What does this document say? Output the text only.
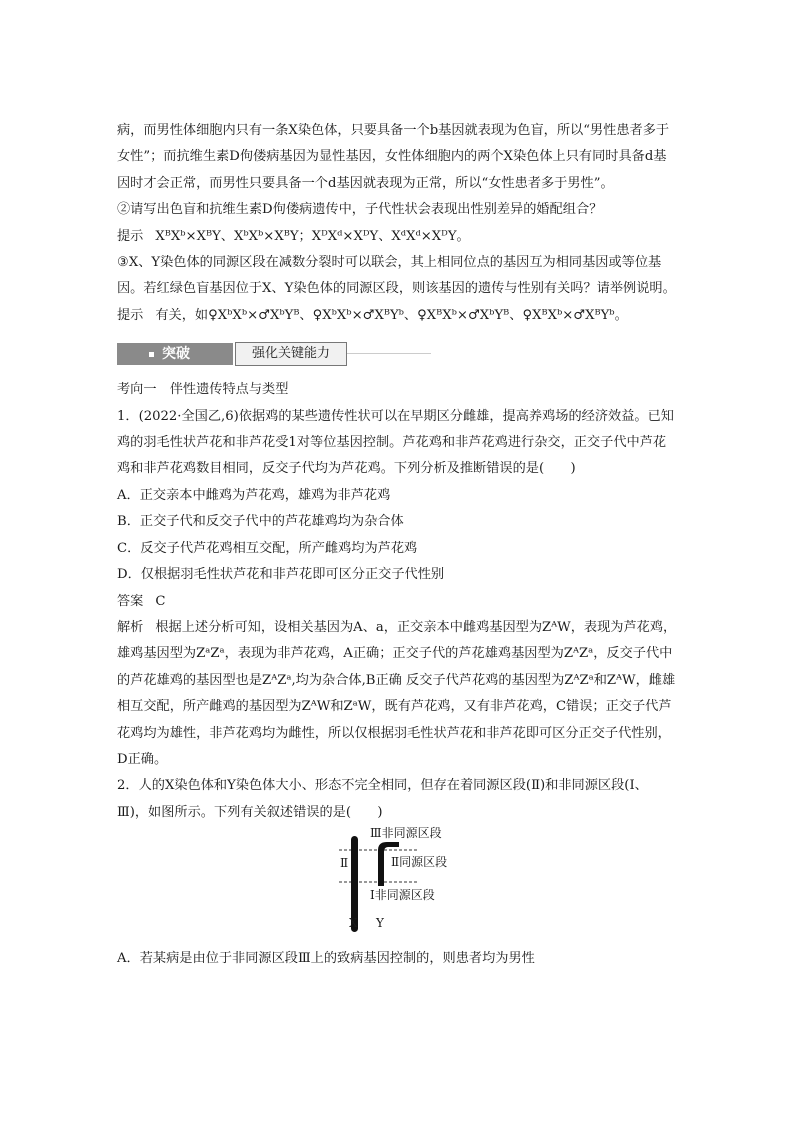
病，而男性体细胞内只有一条X染色体，只要具备一个b基因就表现为色盲，所以“男性患者多于女性”；而抗维生素D佝偻病基因为显性基因，女性体细胞内的两个X染色体上只有同时具备d基因时才会正常，而男性只要具备一个d基因就表现为正常，所以“女性患者多于男性”。

②请写出色盲和抗维生素D佝偻病遗传中，子代性状会表现出性别差异的婚配组合？

提示 XᴮXᵇ×XᴮY、XᵇXᵇ×XᴮY；XᴰXᵈ×XᴰY、XᵈXᵈ×XᴰY。

③X、Y染色体的同源区段在减数分裂时可以联会，其上相同位点的基因互为相同基因或等位基因。若红绿色盲基因位于X、Y染色体的同源区段，则该基因的遗传与性别有关吗？请举例说明。

提示 有关，如♀XᵇXᵇ×♂XᵇYᴮ、♀XᵇXᵇ×♂XᴮYᵇ、♀XᴮXᵇ×♂XᵇYᴮ、♀XᴮXᵇ×♂XᴮYᵇ。

突破	强化关键能力

考向一　伴性遗传特点与类型

1．(2022·全国乙,6)依据鸡的某些遗传性状可以在早期区分雌雄，提高养鸡场的经济效益。已知鸡的羽毛性状芦花和非芦花受1对等位基因控制。芦花鸡和非芦花鸡进行杂交，正交子代中芦花鸡和非芦花鸡数目相同，反交子代均为芦花鸡。下列分析及推断错误的是(　　)

A．正交亲本中雌鸡为芦花鸡，雄鸡为非芦花鸡

B．正交子代和反交子代中的芦花雄鸡均为杂合体

C．反交子代芦花鸡相互交配，所产雌鸡均为芦花鸡

D．仅根据羽毛性状芦花和非芦花即可区分正交子代性别

答案 C

解析 根据上述分析可知，设相关基因为A、a，正交亲本中雌鸡基因型为ZᴬW，表现为芦花鸡，雄鸡基因型为ZᵃZᵃ，表现为非芦花鸡，A正确；正交子代的芦花雄鸡基因型为ZᴬZᵃ，反交子代中的芦花雄鸡的基因型也是ZᴬZᵃ,均为杂合体,B正确 反交子代芦花鸡的基因型为ZᴬZᵃ和ZᴬW，雌雄相互交配，所产雌鸡的基因型为ZᴬW和ZᵃW，既有芦花鸡，又有非芦花鸡，C错误；正交子代芦花鸡均为雄性，非芦花鸡均为雌性，所以仅根据羽毛性状芦花和非芦花即可区分正交子代性别，D正确。

2．人的X染色体和Y染色体大小、形态不完全相同，但存在着同源区段(Ⅱ)和非同源区段(Ⅰ、Ⅲ)，如图所示。下列有关叙述错误的是(　　)

Ⅲ非同源区段
Ⅱ同源区段
Ⅱ
Ⅰ非同源区段
X Y

A．若某病是由位于非同源区段Ⅲ上的致病基因控制的，则患者均为男性
